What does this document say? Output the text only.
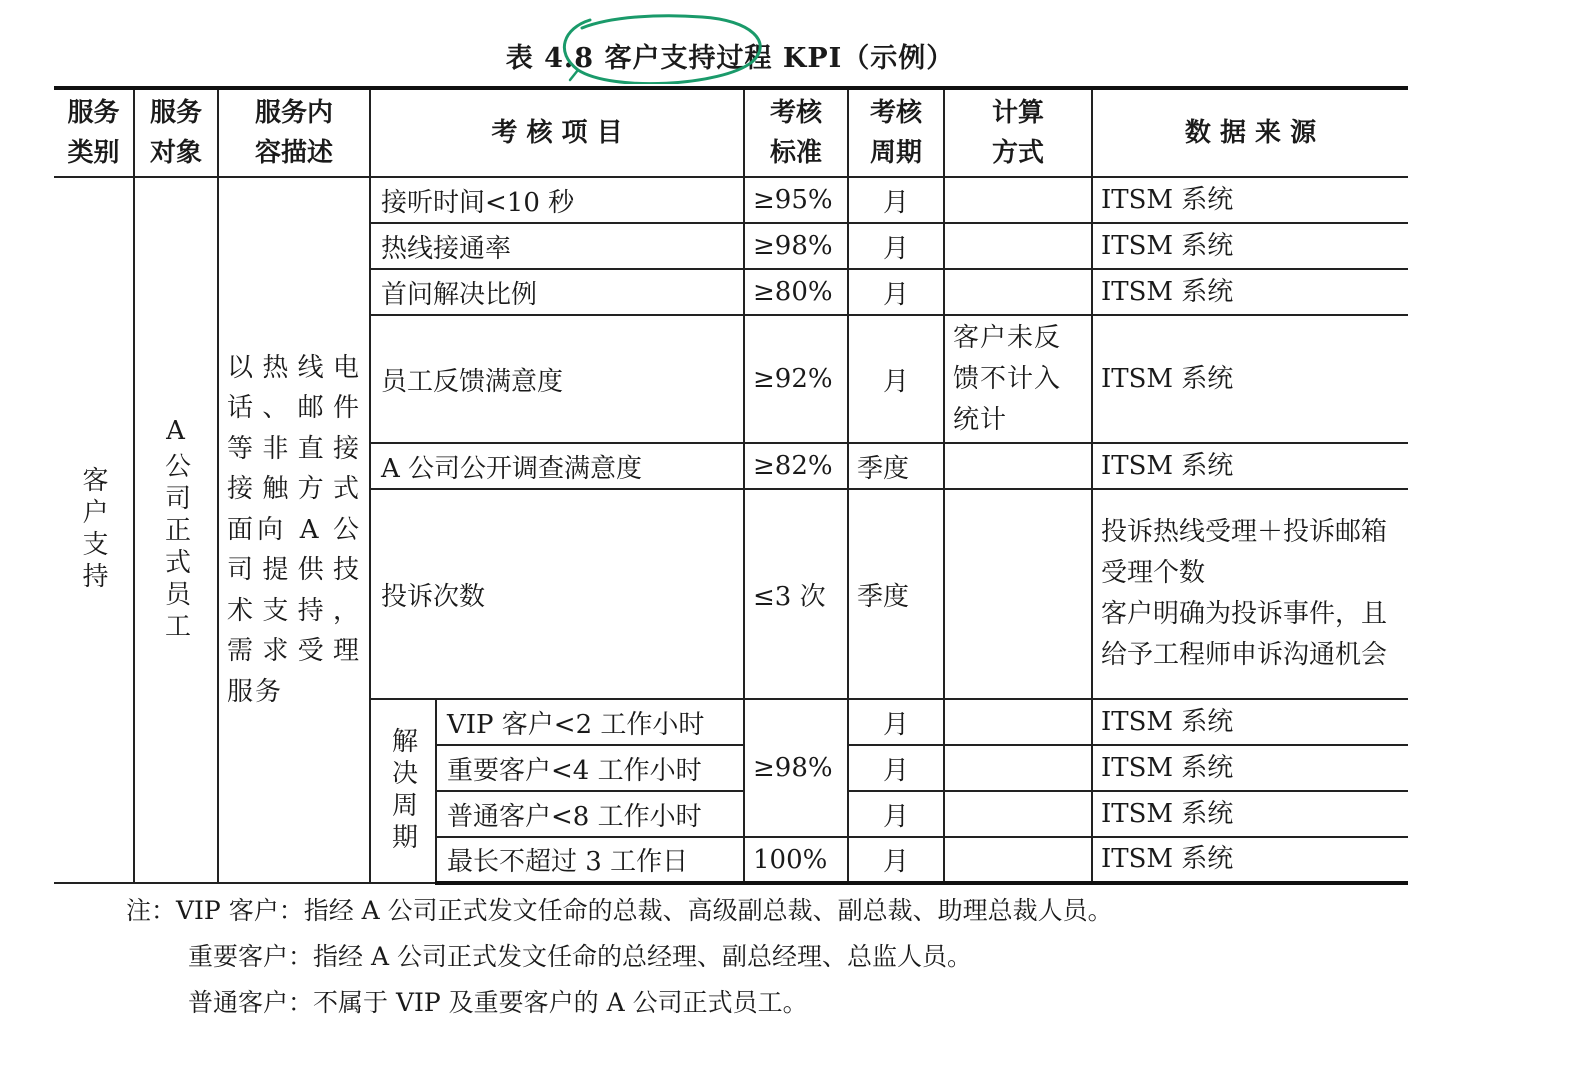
表 4.8 客户支持过程 KPI（示例）
服务类别	服务对象	服务内容描述	考 核 项 目		考核标准	考核周期	计算方式	数 据 来 源

客户支持	A公司正式员工	以热线电话、邮件等非直接接触方式面向 A 公司提供技术支持，需求受理服务	接听时间<10 秒		≥95%	月		ITSM 系统
			热线接通率		≥98%	月		ITSM 系统
			首问解决比例		≥80%	月		ITSM 系统
			员工反馈满意度		≥92%	月	客户未反馈不计入统计	ITSM 系统
			A 公司公开调查满意度		≥82%	季度		ITSM 系统
			投诉次数		≤3 次	季度		投诉热线受理＋投诉邮箱受理个数
客户明确为投诉事件，且给予工程师申诉沟通机会

			解决周期	VIP 客户<2 工作小时	≥98%	月		ITSM 系统
				重要客户<4 工作小时		月		ITSM 系统
				普通客户<8 工作小时		月		ITSM 系统
				最长不超过 3 工作日	100%	月		ITSM 系统
注：VIP 客户：指经 A 公司正式发文任命的总裁、高级副总裁、副总裁、助理总裁人员。
重要客户：指经 A 公司正式发文任命的总经理、副总经理、总监人员。
普通客户：不属于 VIP 及重要客户的 A 公司正式员工。
